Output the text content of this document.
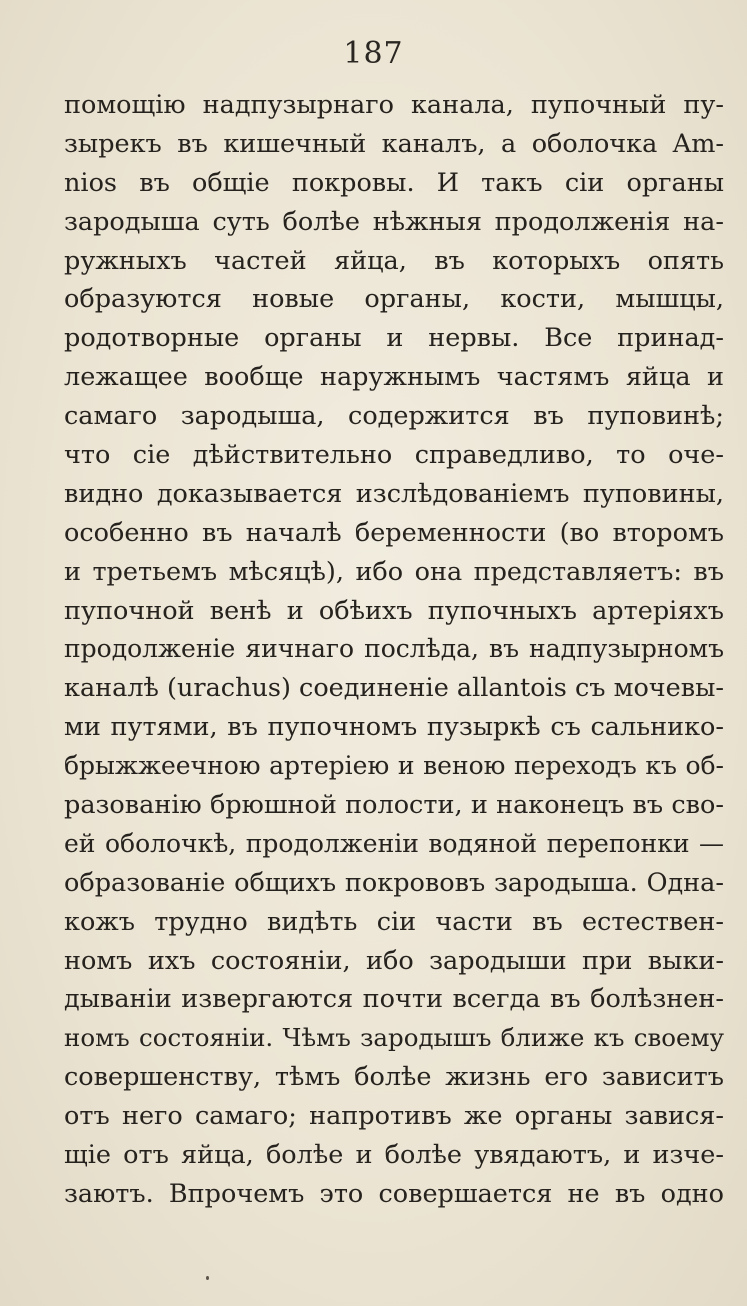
187
помощію надпузырнаго канала, пупочный пу-
зырекъ въ кишечный каналъ, а оболочка Am-
nios въ общіе покровы. И такъ сіи органы
зародыша суть болѣе нѣжныя продолженія на-
ружныхъ частей яйца, въ которыхъ опять
образуются новые органы, кости, мышцы,
родотворные органы и нервы. Все принад-
лежащее вообще наружнымъ частямъ яйца и
самаго зародыша, содержится въ пуповинѣ;
что сіе дѣйствительно справедливо, то оче-
видно доказывается изслѣдованіемъ пуповины,
особенно въ началѣ беременности (во второмъ
и третьемъ мѣсяцѣ), ибо она представляетъ: въ
пупочной венѣ и обѣихъ пупочныхъ артеріяхъ
продолженіе яичнаго послѣда, въ надпузырномъ
каналѣ (urachus) соединеніе allantois съ мочевы-
ми путями, въ пупочномъ пузыркѣ съ сальнико-
брыжжеечною артеріею и веною переходъ къ об-
разованію брюшной полости, и наконецъ въ сво-
ей оболочкѣ, продолженіи водяной перепонки —
образованіе общихъ покрововъ зародыша. Одна-
кожъ трудно видѣть сіи части въ естествен-
номъ ихъ состояніи, ибо зародыши при выки-
дываніи извергаются почти всегда въ болѣзнен-
номъ состояніи. Чѣмъ зародышъ ближе къ своему
совершенству, тѣмъ болѣе жизнь его зависитъ
отъ него самаго; напротивъ же органы завися-
щіе отъ яйца, болѣе и болѣе увядаютъ, и изче-
заютъ. Впрочемъ это совершается не въ одно
